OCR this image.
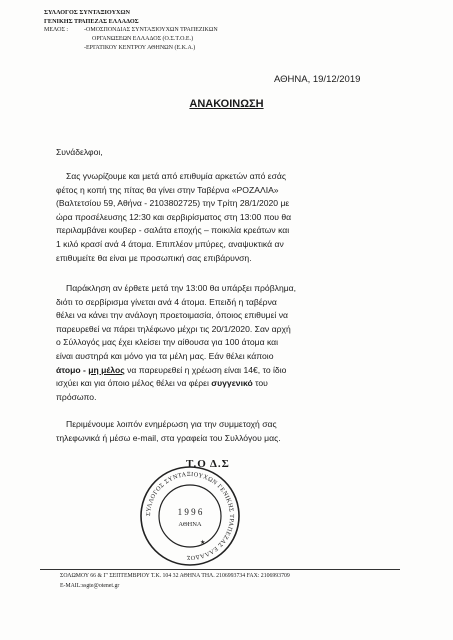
ΣΥΛΛΟΓΟΣ ΣΥΝΤΑΞΙΟΥΧΩΝ
ΓΕΝΙΚΗΣ ΤΡΑΠΕΖΑΣ ΕΛΛΑΔΟΣ
ΜΕΛΟΣ :	-ΟΜΟΣΠΟΝΔΙΑΣ ΣΥΝΤΑΞΙΟΥΧΩΝ ΤΡΑΠΕΖΙΚΩΝ
ΟΡΓΑΝΩΣΕΩΝ ΕΛΛΑΔΟΣ (Ο.Σ.Τ.Ο.Ε.)
-ΕΡΓΑΤΙΚΟΥ ΚΕΝΤΡΟΥ ΑΘΗΝΩΝ (Ε.Κ.Α.)
ΑΘΗΝΑ, 19/12/2019
ΑΝΑΚΟΙΝΩΣΗ
Συνάδελφοι,
Σας γνωρίζουμε και μετά από επιθυμία αρκετών από εσάς
φέτος η κοπή της πίτας θα γίνει στην Ταβέρνα «ΡΟΖΑΛΙΑ»
(Βαλτετσίου 59, Αθήνα - 2103802725) την Τρίτη 28/1/2020 με
ώρα προσέλευσης 12:30 και σερβιρίσματος στη 13:00 που θα
περιλαμβάνει κουβερ - σαλάτα εποχής – ποικιλία κρεάτων και
1 κιλό κρασί ανά 4 άτομα. Επιπλέον μπύρες, αναψυκτικά αν
επιθυμείτε θα είναι με προσωπική σας επιβάρυνση.
Παράκληση αν έρθετε μετά την 13:00 θα υπάρξει πρόβλημα,
διότι το σερβίρισμα γίνεται ανά 4 άτομα. Επειδή η ταβέρνα
θέλει να κάνει την ανάλογη προετοιμασία, όποιος επιθυμεί να
παρευρεθεί να πάρει τηλέφωνο μέχρι τις 20/1/2020. Σαν αρχή
ο Σύλλογός μας έχει κλείσει την αίθουσα για 100 άτομα και
είναι αυστηρά και μόνο για τα μέλη μας. Εάν θέλει κάποιο
άτομο - μη μέλος να παρευρεθεί η χρέωση είναι 14€, το ίδιο
ισχύει και για όποιο μέλος θέλει να φέρει συγγενικό του
πρόσωπο.
Περιμένουμε λοιπόν ενημέρωση για την συμμετοχή σας
τηλεφωνικά ή μέσω e-mail, στα γραφεία του Συλλόγου μας.
Τ.Ο Δ.Σ
ΣΥΛΛΟΓΟΣ ΣΥΝΤΑΞΙΟΥΧΩΝ ΓΕΝΙΚΗΣ ΤΡΑΠΕΖΑΣ ΕΛΛΑΔΟΣ
1 9 9 6
ΑΘΗΝΑ
★
ΣΟΛΩΜΟΥ 66 & Γ' ΣΕΠΤΕΜΒΡΙΟΥ Τ.Κ. 104 32 ΑΘΗΝΑ ΤΗΛ. 2106993734 FAX: 2106993709
E-MAIL:ssgte@otenet.gr
